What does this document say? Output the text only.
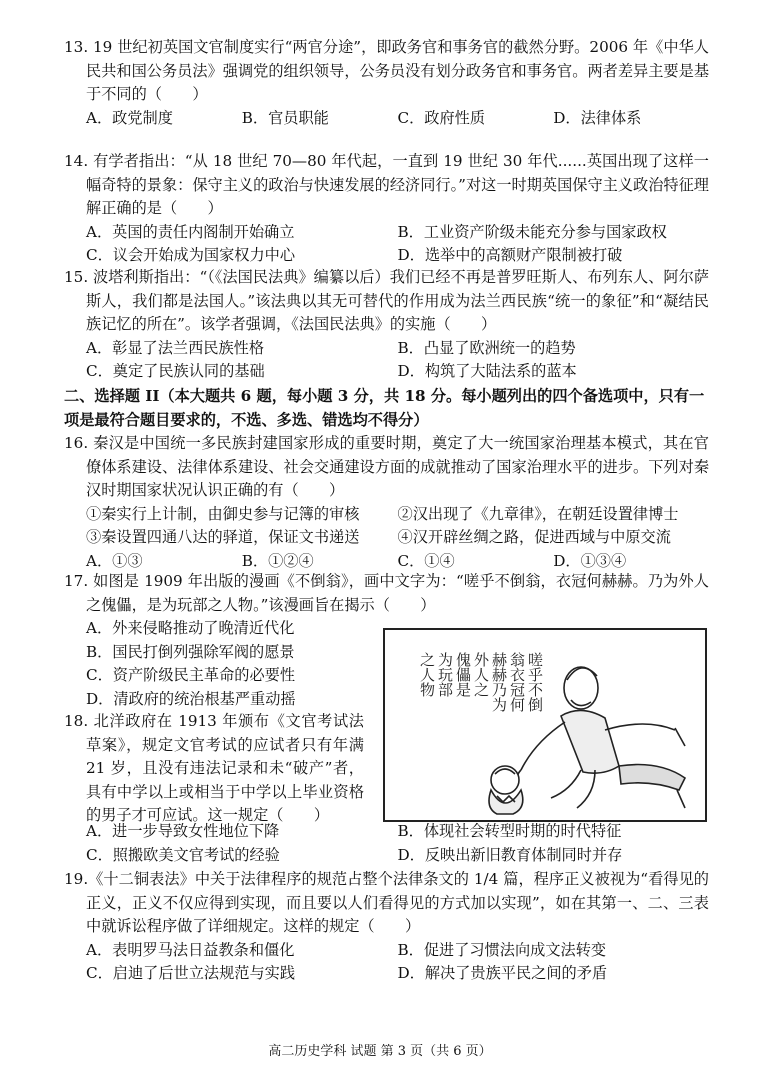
13. 19 世纪初英国文官制度实行“两官分途”，即政务官和事务官的截然分野。2006 年《中华人民共和国公务员法》强调党的组织领导，公务员没有划分政务官和事务官。两者差异主要是基于不同的（　　）

A．政党制度	B．官员职能	C．政府性质	D．法律体系

14. 有学者指出：“从 18 世纪 70—80 年代起，一直到 19 世纪 30 年代......英国出现了这样一幅奇特的景象：保守主义的政治与快速发展的经济同行。”对这一时期英国保守主义政治特征理解正确的是（　　）

A．英国的责任内阁制开始确立	B．工业资产阶级未能充分参与国家政权
C．议会开始成为国家权力中心	D．选举中的高额财产限制被打破

15. 波塔利斯指出：“（《法国民法典》编纂以后）我们已经不再是普罗旺斯人、布列东人、阿尔萨斯人，我们都是法国人。”该法典以其无可替代的作用成为法兰西民族“统一的象征”和“凝结民族记忆的所在”。该学者强调，《法国民法典》的实施（　　）

A．彰显了法兰西民族性格	B．凸显了欧洲统一的趋势
C．奠定了民族认同的基础	D．构筑了大陆法系的蓝本

二、选择题 II（本大题共 6 题，每小题 3 分，共 18 分。每小题列出的四个备选项中，只有一项是最符合题目要求的，不选、多选、错选均不得分）

16. 秦汉是中国统一多民族封建国家形成的重要时期，奠定了大一统国家治理基本模式，其在官僚体系建设、法律体系建设、社会交通建设方面的成就推动了国家治理水平的进步。下列对秦汉时期国家状况认识正确的有（　　）

①秦实行上计制，由御史参与记簿的审核	②汉出现了《九章律》，在朝廷设置律博士
③秦设置四通八达的驿道，保证文书递送	④汉开辟丝绸之路，促进西域与中原交流
A．①③	B．①②④	C．①④	D．①③④

17. 如图是 1909 年出版的漫画《不倒翁》，画中文字为：“嗟乎不倒翁，衣冠何赫赫。乃为外人之傀儡，是为玩部之人物。”该漫画旨在揭示（　　）

A．外来侵略推动了晚清近代化
B．国民打倒列强除军阀的愿景
C．资产阶级民主革命的必要性
D．清政府的统治根基严重动摇	嗟乎不倒
翁衣冠何
赫赫乃为
外人之
傀儡是
为玩部
之人物

18. 北洋政府在 1913 年颁布《文官考试法草案》，规定文官考试的应试者只有年满 21 岁，且没有违法记录和未“破产”者，具有中学以上或相当于中学以上毕业资格的男子才可应试。这一规定（　　）

A．进一步导致女性地位下降	B．体现社会转型时期的时代特征
C．照搬欧美文官考试的经验	D．反映出新旧教育体制同时并存

19.《十二铜表法》中关于法律程序的规范占整个法律条文的 1/4 篇，程序正义被视为“看得见的正义，正义不仅应得到实现，而且要以人们看得见的方式加以实现”，如在其第一、二、三表中就诉讼程序做了详细规定。这样的规定（　　）

A．表明罗马法日益教条和僵化	B．促进了习惯法向成文法转变
C．启迪了后世立法规范与实践	D．解决了贵族平民之间的矛盾
高二历史学科 试题 第 3 页（共 6 页）
